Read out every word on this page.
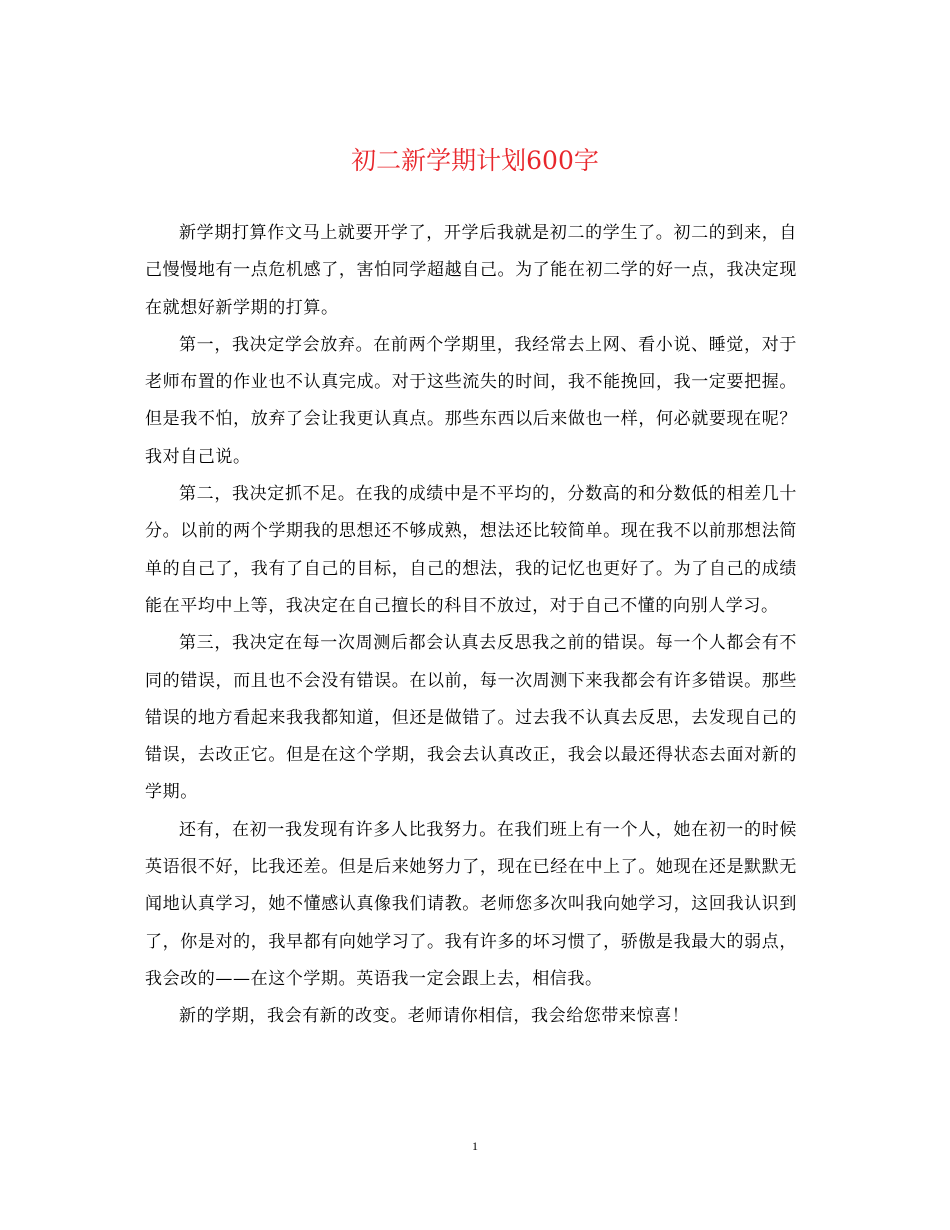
初二新学期计划600字

新学期打算作文马上就要开学了，开学后我就是初二的学生了。初二的到来，自己慢慢地有一点危机感了，害怕同学超越自己。为了能在初二学的好一点，我决定现在就想好新学期的打算。

第一，我决定学会放弃。在前两个学期里，我经常去上网、看小说、睡觉，对于老师布置的作业也不认真完成。对于这些流失的时间，我不能挽回，我一定要把握。但是我不怕，放弃了会让我更认真点。那些东西以后来做也一样，何必就要现在呢？我对自己说。

第二，我决定抓不足。在我的成绩中是不平均的，分数高的和分数低的相差几十分。以前的两个学期我的思想还不够成熟，想法还比较简单。现在我不以前那想法简单的自己了，我有了自己的目标，自己的想法，我的记忆也更好了。为了自己的成绩能在平均中上等，我决定在自己擅长的科目不放过，对于自己不懂的向别人学习。

第三，我决定在每一次周测后都会认真去反思我之前的错误。每一个人都会有不同的错误，而且也不会没有错误。在以前，每一次周测下来我都会有许多错误。那些错误的地方看起来我我都知道，但还是做错了。过去我不认真去反思，去发现自己的错误，去改正它。但是在这个学期，我会去认真改正，我会以最还得状态去面对新的学期。

还有，在初一我发现有许多人比我努力。在我们班上有一个人，她在初一的时候英语很不好，比我还差。但是后来她努力了，现在已经在中上了。她现在还是默默无闻地认真学习，她不懂感认真像我们请教。老师您多次叫我向她学习，这回我认识到了，你是对的，我早都有向她学习了。我有许多的坏习惯了，骄傲是我最大的弱点，我会改的——在这个学期。英语我一定会跟上去，相信我。

新的学期，我会有新的改变。老师请你相信，我会给您带来惊喜！

1
